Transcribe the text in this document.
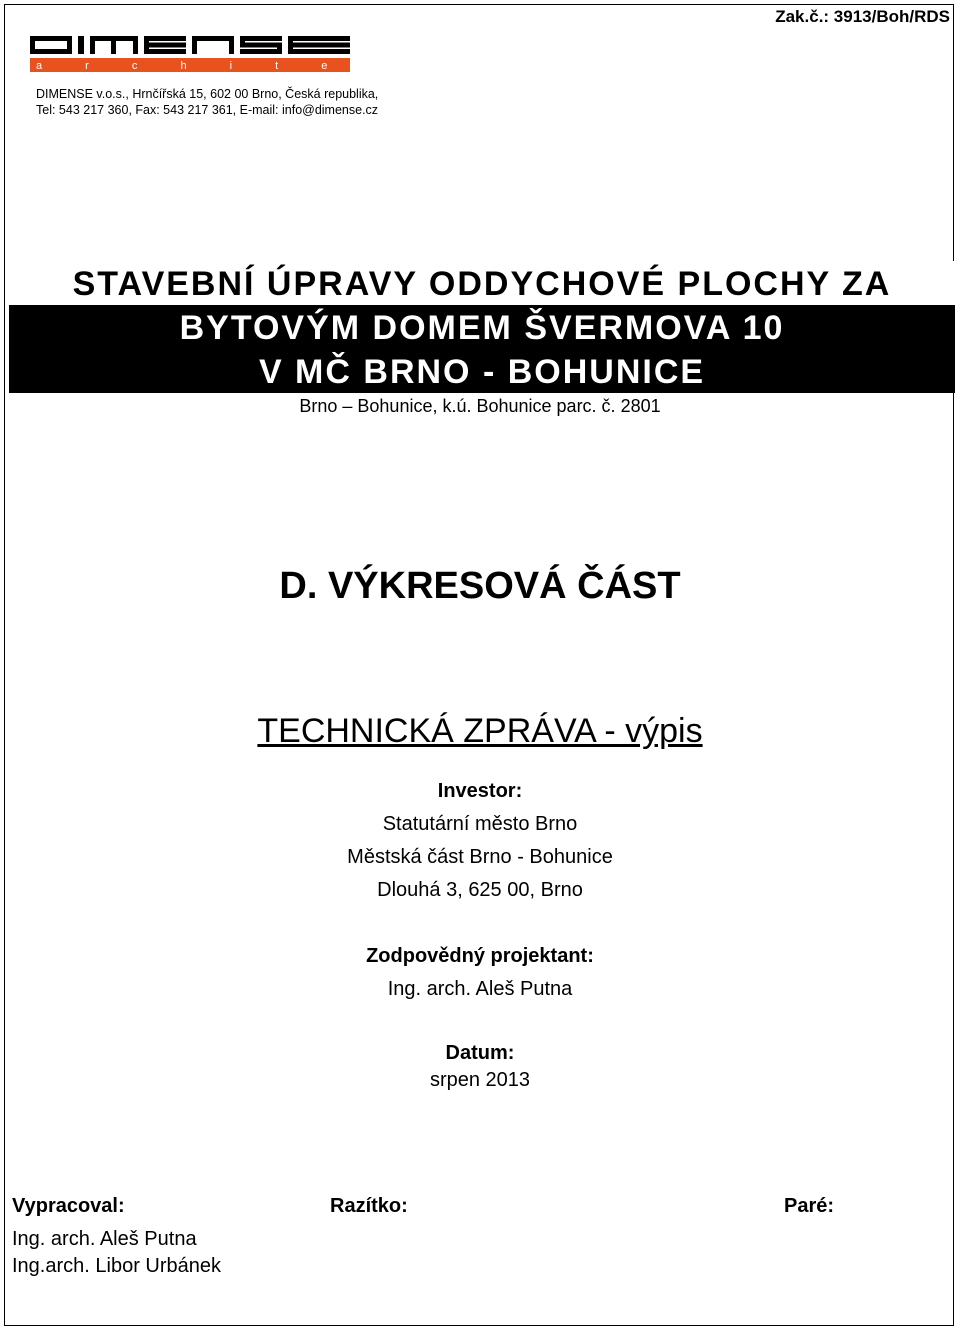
Zak.č.: 3913/Boh/RDS
a r c h i t e c t s
DIMENSE v.o.s., Hrnčířská 15, 602 00 Brno, Česká republika,
Tel: 543 217 360, Fax: 543 217 361, E-mail: info@dimense.cz
STAVEBNÍ ÚPRAVY ODDYCHOVÉ PLOCHY ZA
BYTOVÝM DOMEM ŠVERMOVA 10
V MČ BRNO - BOHUNICE
Brno – Bohunice, k.ú. Bohunice parc. č. 2801
D. VÝKRESOVÁ ČÁST
TECHNICKÁ ZPRÁVA - výpis
Investor:
Statutární město Brno
Městská část Brno - Bohunice
Dlouhá 3, 625 00, Brno
Zodpovědný projektant:
Ing. arch. Aleš Putna
Datum:
srpen 2013
Vypracoval:	Razítko:	Paré:
Ing. arch. Aleš Putna
Ing.arch. Libor Urbánek
